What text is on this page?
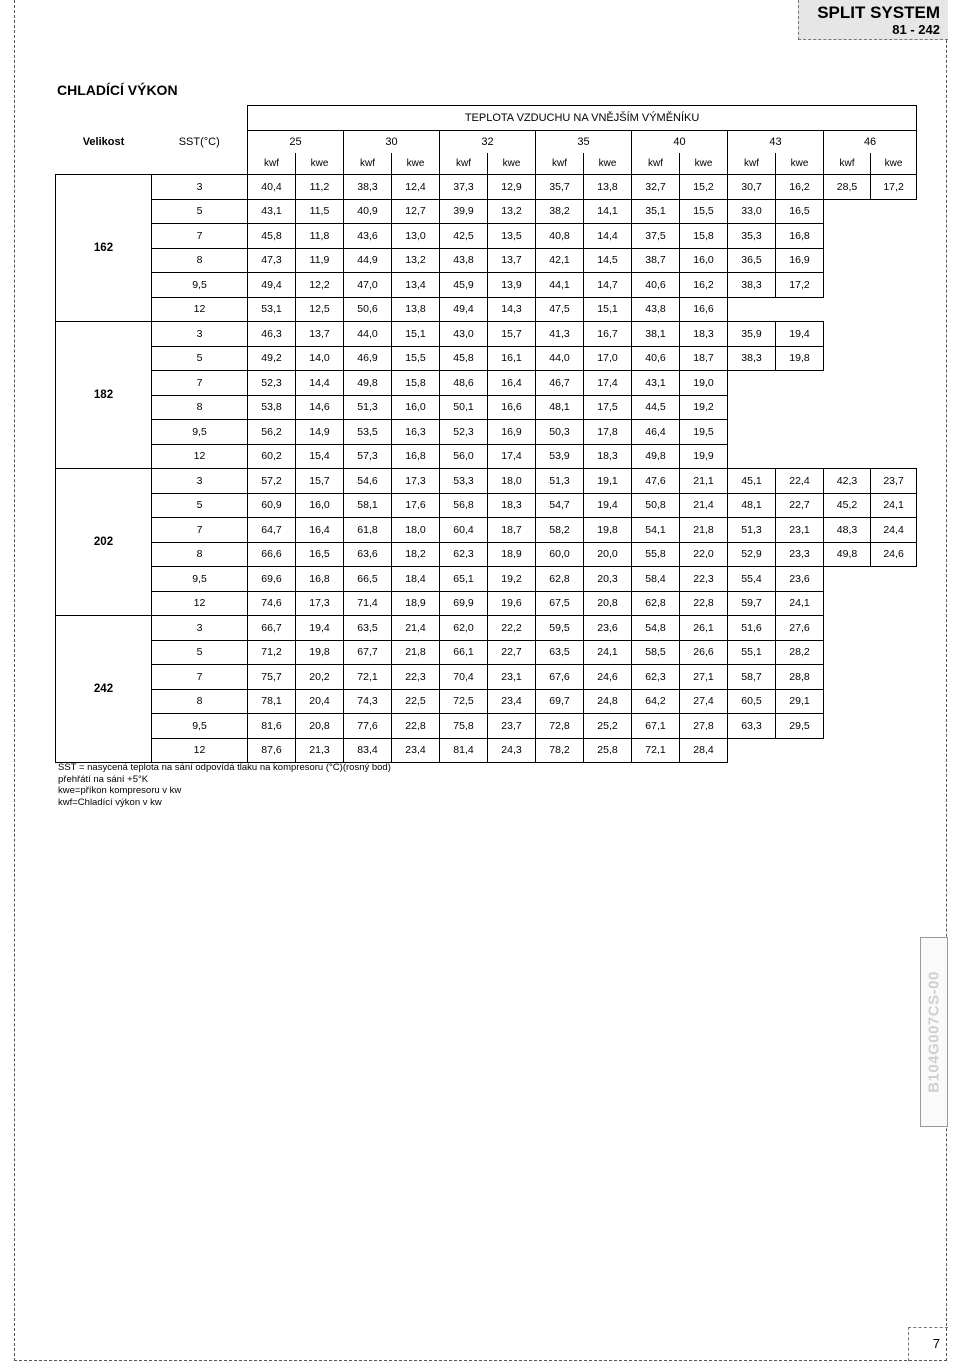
SPLIT SYSTEM
81 - 242
CHLADÍCÍ VÝKON
		TEPLOTA VZDUCHU NA VNĚJŠÍM VÝMĚNÍKU													
Velikost	SST(°C)	25		30		32		35		40		43		46	
		kwf	kwe	kwf	kwe	kwf	kwe	kwf	kwe	kwf	kwe	kwf	kwe	kwf	kwe
162	3	40,4	11,2	38,3	12,4	37,3	12,9	35,7	13,8	32,7	15,2	30,7	16,2	28,5	17,2
	5	43,1	11,5	40,9	12,7	39,9	13,2	38,2	14,1	35,1	15,5	33,0	16,5		
	7	45,8	11,8	43,6	13,0	42,5	13,5	40,8	14,4	37,5	15,8	35,3	16,8		
	8	47,3	11,9	44,9	13,2	43,8	13,7	42,1	14,5	38,7	16,0	36,5	16,9		
	9,5	49,4	12,2	47,0	13,4	45,9	13,9	44,1	14,7	40,6	16,2	38,3	17,2		
	12	53,1	12,5	50,6	13,8	49,4	14,3	47,5	15,1	43,8	16,6				
182	3	46,3	13,7	44,0	15,1	43,0	15,7	41,3	16,7	38,1	18,3	35,9	19,4		
	5	49,2	14,0	46,9	15,5	45,8	16,1	44,0	17,0	40,6	18,7	38,3	19,8		
	7	52,3	14,4	49,8	15,8	48,6	16,4	46,7	17,4	43,1	19,0				
	8	53,8	14,6	51,3	16,0	50,1	16,6	48,1	17,5	44,5	19,2				
	9,5	56,2	14,9	53,5	16,3	52,3	16,9	50,3	17,8	46,4	19,5				
	12	60,2	15,4	57,3	16,8	56,0	17,4	53,9	18,3	49,8	19,9				
202	3	57,2	15,7	54,6	17,3	53,3	18,0	51,3	19,1	47,6	21,1	45,1	22,4	42,3	23,7
	5	60,9	16,0	58,1	17,6	56,8	18,3	54,7	19,4	50,8	21,4	48,1	22,7	45,2	24,1
	7	64,7	16,4	61,8	18,0	60,4	18,7	58,2	19,8	54,1	21,8	51,3	23,1	48,3	24,4
	8	66,6	16,5	63,6	18,2	62,3	18,9	60,0	20,0	55,8	22,0	52,9	23,3	49,8	24,6
	9,5	69,6	16,8	66,5	18,4	65,1	19,2	62,8	20,3	58,4	22,3	55,4	23,6		
	12	74,6	17,3	71,4	18,9	69,9	19,6	67,5	20,8	62,8	22,8	59,7	24,1		
242	3	66,7	19,4	63,5	21,4	62,0	22,2	59,5	23,6	54,8	26,1	51,6	27,6		
	5	71,2	19,8	67,7	21,8	66,1	22,7	63,5	24,1	58,5	26,6	55,1	28,2		
	7	75,7	20,2	72,1	22,3	70,4	23,1	67,6	24,6	62,3	27,1	58,7	28,8		
	8	78,1	20,4	74,3	22,5	72,5	23,4	69,7	24,8	64,2	27,4	60,5	29,1		
	9,5	81,6	20,8	77,6	22,8	75,8	23,7	72,8	25,2	67,1	27,8	63,3	29,5		
	12	87,6	21,3	83,4	23,4	81,4	24,3	78,2	25,8	72,1	28,4				
SST = nasycená teplota na sání odpovídá tlaku na kompresoru (°C)(rosný bod)
přehřátí na sání +5°K
kwe=příkon kompresoru v kw
kwf=Chladící výkon v kw
B104G007CS-00
7
